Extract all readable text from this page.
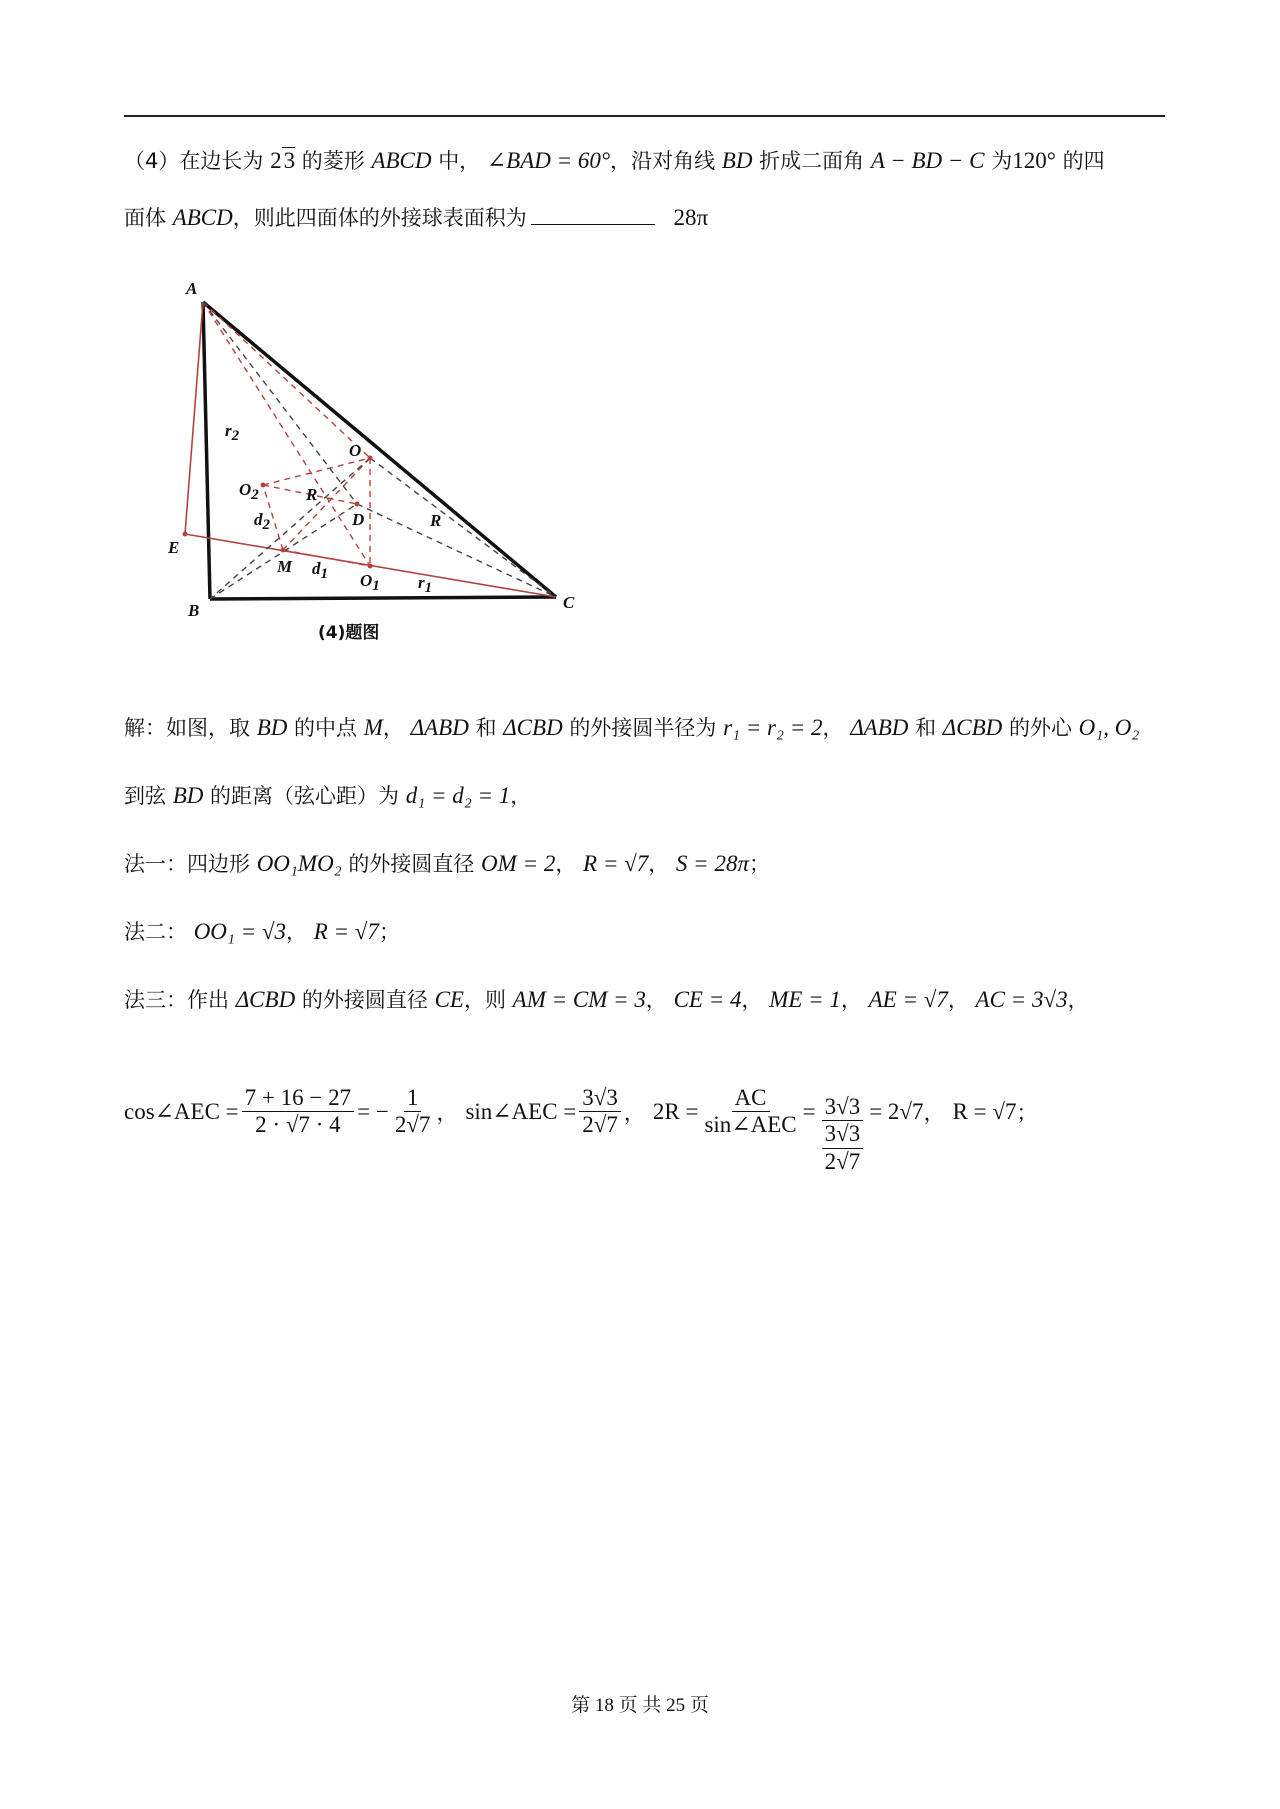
（4）在边长为 23 的菱形 ABCD 中， ∠BAD = 60°，沿对角线 BD 折成二面角 A − BD − C 为120° 的四
面体 ABCD，则此四面体的外接球表面积为	28π
A
B	C
D
E
O
M
O1
O2
r2
r1
d2
d1
R
R
(4)题图
解：如图，取 BD 的中点 M， ΔABD 和 ΔCBD 的外接圆半径为 r₁ = r₂ = 2， ΔABD 和 ΔCBD 的外心 O₁, O₂
到弦 BD 的距离（弦心距）为 d₁ = d₂ = 1，
法一：四边形 OO₁MO₂ 的外接圆直径 OM = 2， R = √7， S = 28π；
法二： OO₁ = √3， R = √7；
法三：作出 ΔCBD 的外接圆直径 CE，则 AM = CM = 3， CE = 4， ME = 1， AE = √7， AC = 3√3，
cos∠AEC = $\frac{7 + 16 - 27}{2 \cdot √7 \cdot 4}$ = − $\frac{1}{2√7}$ ， sin∠AEC = $\frac{3√3}{2√7}$ ， $2R = \frac{AC}{\text{sin∠AEC}} = \frac{3√3}{\frac{3√3}{2√7}} = 2√7$ ， R = √7 ；
第 18 页 共 25 页
